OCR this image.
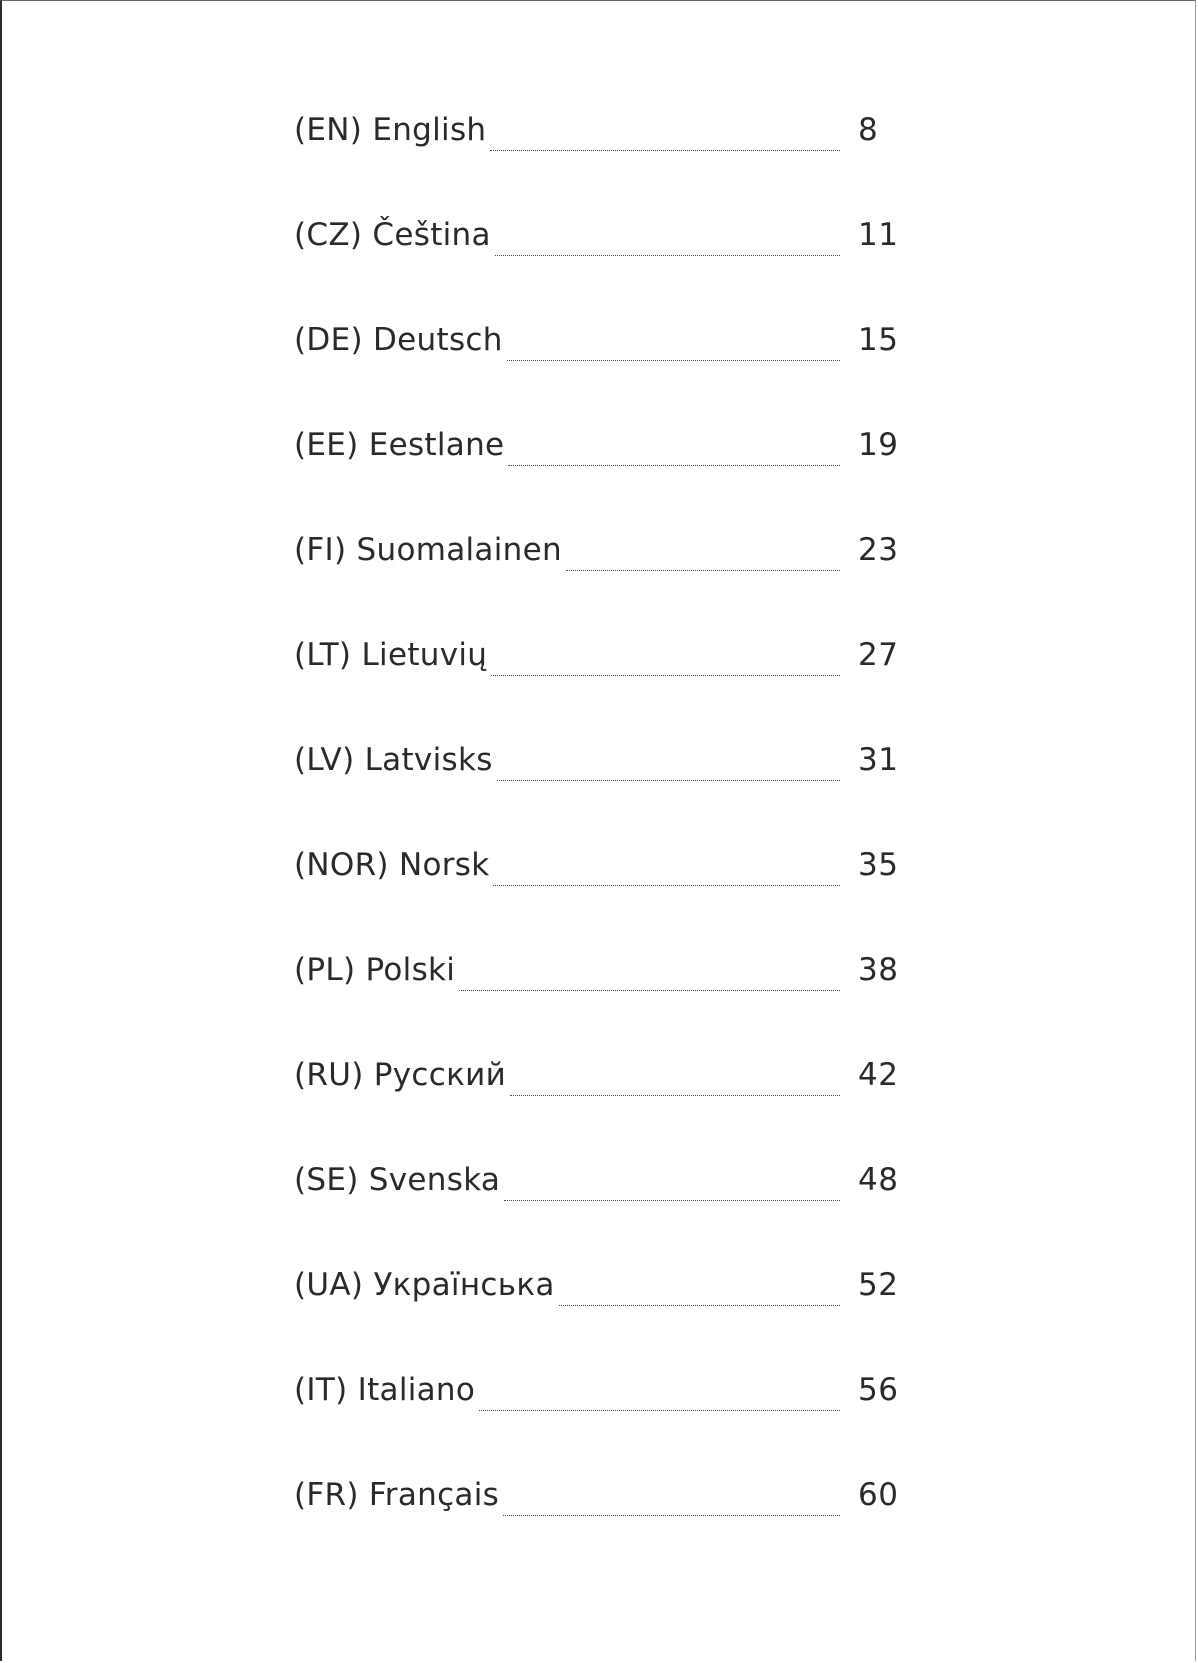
(EN) English	8
(CZ) Čeština	11
(DE) Deutsch	15
(EE) Eestlane	19
(FI) Suomalainen	23
(LT) Lietuvių	27
(LV) Latvisks	31
(NOR) Norsk	35
(PL) Polski	38
(RU) Русский	42
(SE) Svenska	48
(UA) Українська	52
(IT) Italiano	56
(FR) Français	60
